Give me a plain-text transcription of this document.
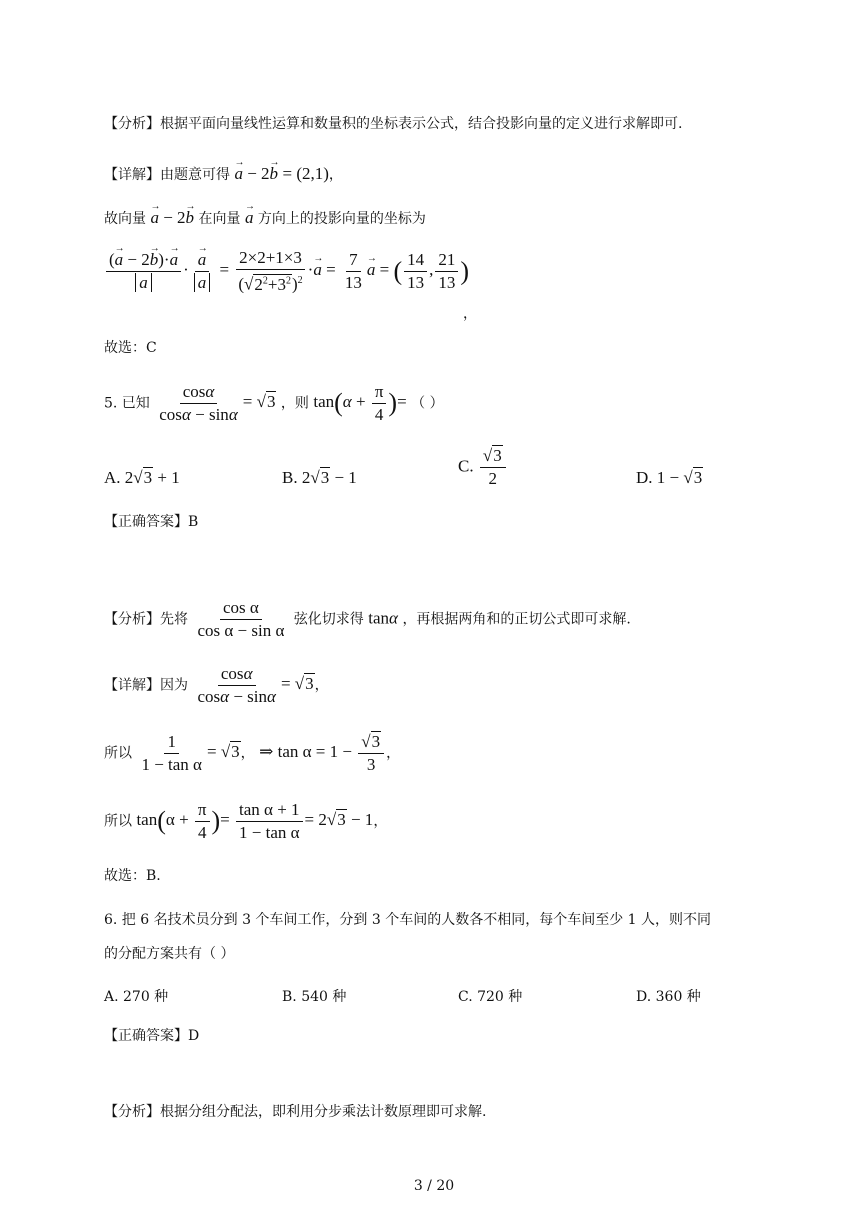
【分析】根据平面向量线性运算和数量积的坐标表示公式，结合投影向量的定义进行求解即可.
【详解】由题意可得 → a − 2→ b = (2,1)，
故向量 → a − 2→ b 在向量 → a 方向上的投影向量的坐标为
$\frac{(\to a - 2\to b)\cdot\to a}{a}$ ·
→ $\frac{a}{a} = \frac{2\times 2+1\times 3}{(√2^2+3^2)^2} \cdot\to a = \frac{7}{13}$
→ a = ( $\frac{14}{13}$ , $\frac{21}{13}$ )
，
故选：C
5. 已知 $\frac{\cos\alpha}{\cos\alpha - \sin\alpha} = √3$ ，则 $\tan(\alpha + \frac{\pi}{4}$ )= （ ）
A. 2√3 + 1	B. 2√3 − 1
C. $\frac{√3}{2}$	D. 1 − √3
【正确答案】B
【分析】先将 $\frac{\text{cos α}}{\text{cos α − sin α}}$ 弦化切求得 tanα ，再根据两角和的正切公式即可求解.
【详解】因为 $\frac{\cos\alpha}{\cos\alpha - \sin\alpha} = √3$，
所以 $\frac{1}{\text{1 − tan α}} = √3$， ⇒ $\tan \alpha = 1 - \frac{√3}{3}$ ，
所以 $\tan(\alpha + \frac{\pi}{4}$ )= $\frac{\text{tan α + 1}}{\text{1 − tan α}} = 2√3 - 1$，
故选：B.
6. 把 6 名技术员分到 3 个车间工作，分到 3 个车间的人数各不相同，每个车间至少 1 人，则不同
的分配方案共有（ ）
A. 270 种	B. 540 种	C. 720 种	D. 360 种
【正确答案】D
【分析】根据分组分配法，即利用分步乘法计数原理即可求解.
3 / 20
